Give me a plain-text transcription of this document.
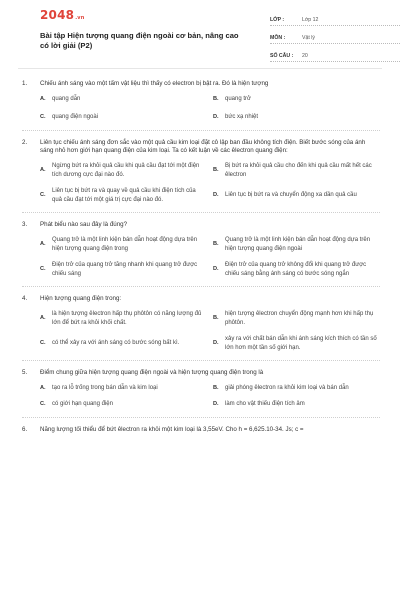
2048.vn
Bài tập Hiện tượng quang điện ngoài cơ bản, nâng cao có lời giải (P2)
LỚP :	Lớp 12
MÔN :	Vật lý
SỐ CÂU :	20
1.	Chiếu ánh sáng vào một tấm vật liệu thì thấy có electron bị bật ra. Đó là hiện tượng
A.	quang dẫn	B.	quang trở
C.	quang điện ngoài	D.	bức xạ nhiệt
2.	Liên tục chiếu ánh sáng đơn sắc vào một quả cầu kim loại đặt cô lập ban đầu không tích điện. Biết bước sóng của ánh sáng nhỏ hơn giới hạn quang điện của kim loại. Ta có kết luận về các êlectron quang điện:
A.
Ngừng bứt ra khỏi quả cầu khi quả cầu đạt tới một điện tích dương cực đại nào đó.
B.
Bị bứt ra khỏi quả cầu cho đến khi quả cầu mất hết các êlectron
C.
Liên tục bị bứt ra và quay về quả cầu khi điện tích của quả cầu đạt tới một giá trị cực đại nào đó.
D.	Liên tục bị bứt ra và chuyển động xa dần quả cầu
3.	Phát biểu nào sau đây là đúng?
A.
Quang trở là một linh kiện bán dẫn hoạt động dựa trên hiện tượng quang điện trong
B.
Quang trở là một linh kiện bán dẫn hoạt động dựa trên hiện tượng quang điện ngoài
C.
Điện trở của quang trở tăng nhanh khi quang trở được chiếu sáng
D.
Điện trở của quang trở không đổi khi quang trở được chiếu sáng bằng ánh sáng có bước sóng ngắn
4.	Hiện tượng quang điện trong:
A.
là hiện tượng êlectron hấp thụ phôtôn có năng lượng đủ lớn để bứt ra khỏi khối chất.
B.
hiện tượng êlectron chuyển động mạnh hơn khi hấp thụ phôtôn.
C.	có thể xảy ra với ánh sáng có bước sóng bất kì.	D.
xảy ra với chất bán dẫn khi ánh sáng kích thích có tần số lớn hơn một tần số giới hạn.
5.	Điểm chung giữa hiện tượng quang điện ngoài và hiện tượng quang điện trong là
A.	tạo ra lỗ trống trong bán dẫn và kim loại	B.	giải phóng êlectron ra khỏi kim loại và bán dẫn
C.	có giới hạn quang điện	D.	làm cho vật thiếu điện tích âm
6.	Năng lượng tối thiểu để bứt êlectron ra khỏi một kim loại là 3,55eV. Cho h = 6,625.10-34. Js; c =
